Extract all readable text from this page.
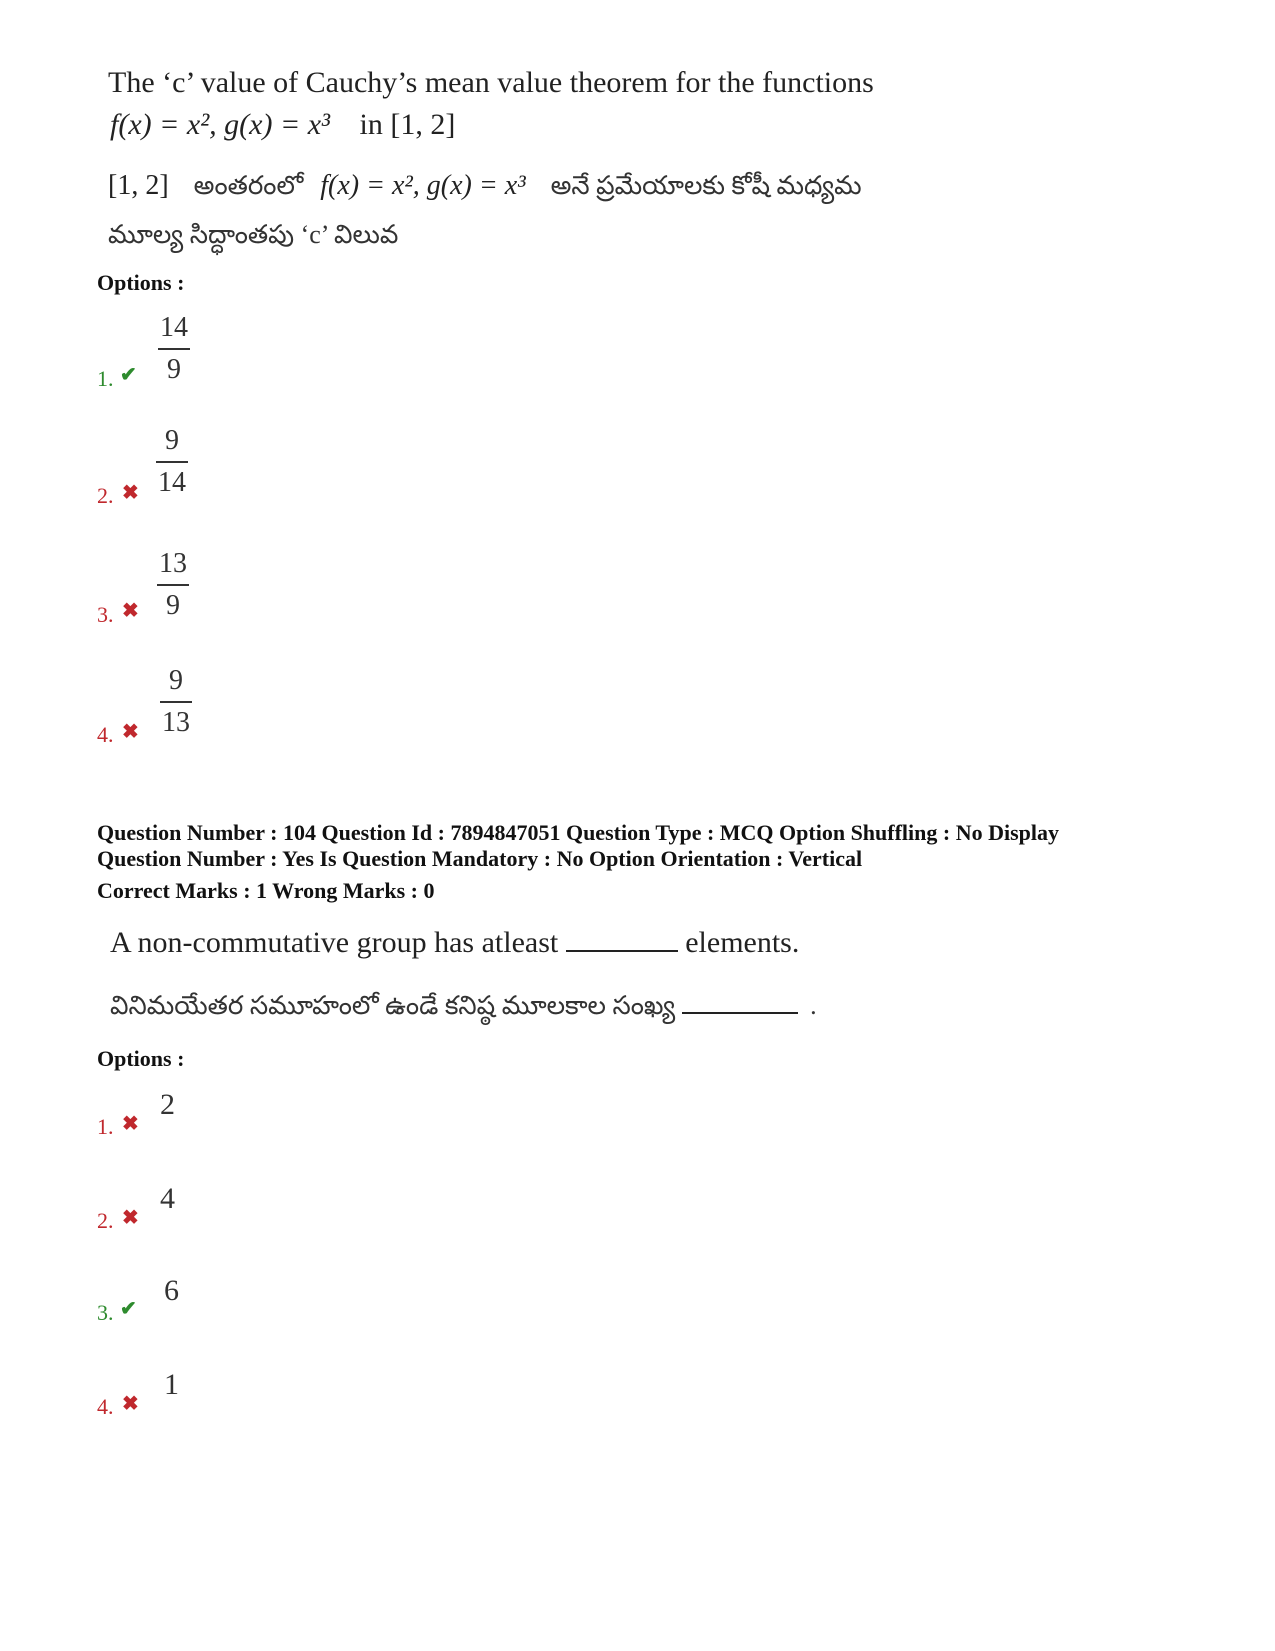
The ‘c’ value of Cauchy’s mean value theorem for the functions
f(x) = x², g(x) = x³ in [1, 2]
[1, 2] అంతరంలో f(x) = x², g(x) = x³ అనే ప్రమేయాలకు కోషీ మధ్యమ
మూల్య సిద్ధాంతపు ‘c’ విలువ
Options :
14
9
1. ✔
9
14
2. ✖
13
9
3. ✖
9
13
4. ✖
Question Number : 104 Question Id : 7894847051 Question Type : MCQ Option Shuffling : No Display
Question Number : Yes Is Question Mandatory : No Option Orientation : Vertical
Correct Marks : 1 Wrong Marks : 0
A non-commutative group has atleast	elements.
వినిమయేతర సమూహంలో ఉండే కనిష్ఠ మూలకాల సంఖ్య	.
Options :
2
1. ✖
4
2. ✖
6
3. ✔
1
4. ✖
